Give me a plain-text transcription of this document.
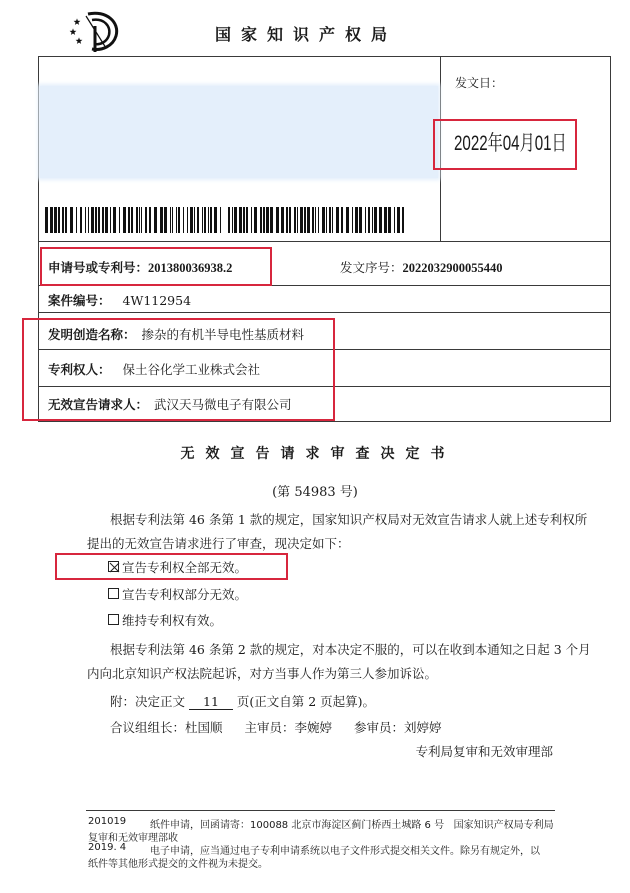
国家知识产权局
发文日：
2022年04月01日
申请号或专利号：201380036938.2	发文序号：2022032900055440
案件编号： 4W112954
发明创造名称： 掺杂的有机半导电性基质材料
专利权人： 保土谷化学工业株式会社
无效宣告请求人： 武汉天马微电子有限公司
无效宣告请求审查决定书
(第 54983 号)
根据专利法第 46 条第 1 款的规定，国家知识产权局对无效宣告请求人就上述专利权所
提出的无效宣告请求进行了审查，现决定如下：
宣告专利权全部无效。
宣告专利权部分无效。
维持专利权有效。
根据专利法第 46 条第 2 款的规定，对本决定不服的，可以在收到本通知之日起 3 个月
内向北京知识产权法院起诉，对方当事人作为第三人参加诉讼。
附：决定正文 11 页(正文自第 2 页起算)。
合议组组长：杜国顺 主审员：李婉婷 参审员：刘婷婷
专利局复审和无效审理部
201019 纸件申请，回函请寄：100088 北京市海淀区蓟门桥西土城路 6 号   国家知识产权局专利局
复审和无效审理部收
2019. 4 电子申请，应当通过电子专利申请系统以电子文件形式提交相关文件。除另有规定外，以
纸件等其他形式提交的文件视为未提交。
